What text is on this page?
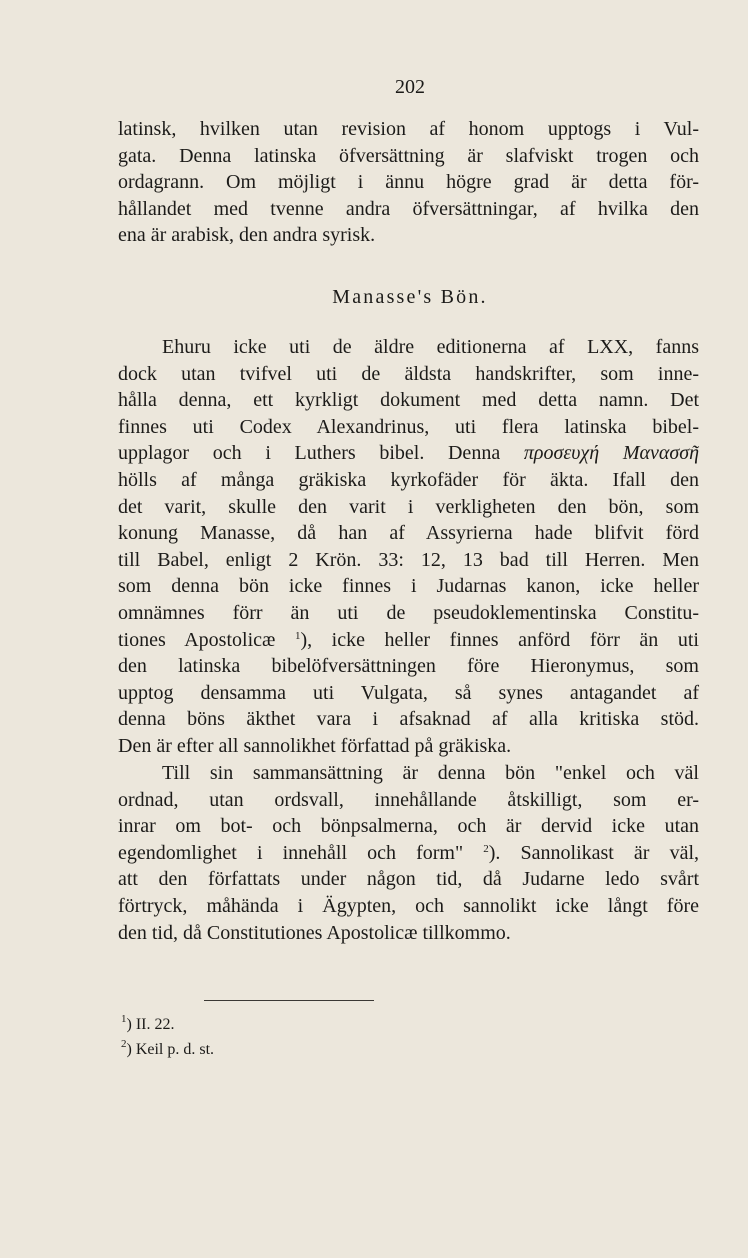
202
latinsk, hvilken utan revision af honom upptogs i Vul-
gata. Denna latinska öfversättning är slafviskt trogen och
ordagrann. Om möjligt i ännu högre grad är detta för-
hållandet med tvenne andra öfversättningar, af hvilka den
ena är arabisk, den andra syrisk.
Manasse's Bön.
Ehuru icke uti de äldre editionerna af LXX, fanns
dock utan tvifvel uti de äldsta handskrifter, som inne-
hålla denna, ett kyrkligt dokument med detta namn. Det
finnes uti Codex Alexandrinus, uti flera latinska bibel-
upplagor och i Luthers bibel. Denna προσευχή Μανασσῆ
hölls af många gräkiska kyrkofäder för äkta. Ifall den
det varit, skulle den varit i verkligheten den bön, som
konung Manasse, då han af Assyrierna hade blifvit förd
till Babel, enligt 2 Krön. 33: 12, 13 bad till Herren. Men
som denna bön icke finnes i Judarnas kanon, icke heller
omnämnes förr än uti de pseudoklementinska Constitu-
tiones Apostolicæ $^1$), icke heller finnes anförd förr än uti
den latinska bibelöfversättningen före Hieronymus, som
upptog densamma uti Vulgata, så synes antagandet af
denna böns äkthet vara i afsaknad af alla kritiska stöd.
Den är efter all sannolikhet författad på gräkiska.
Till sin sammansättning är denna bön "enkel och väl
ordnad, utan ordsvall, innehållande åtskilligt, som er-
inrar om bot- och bönpsalmerna, och är dervid icke utan
egendomlighet i innehåll och form" $^2$). Sannolikast är väl,
att den författats under någon tid, då Judarne ledo svårt
förtryck, måhända i Ägypten, och sannolikt icke långt före
den tid, då Constitutiones Apostolicæ tillkommo.
$^1$) II. 22.
$^2$) Keil p. d. st.
